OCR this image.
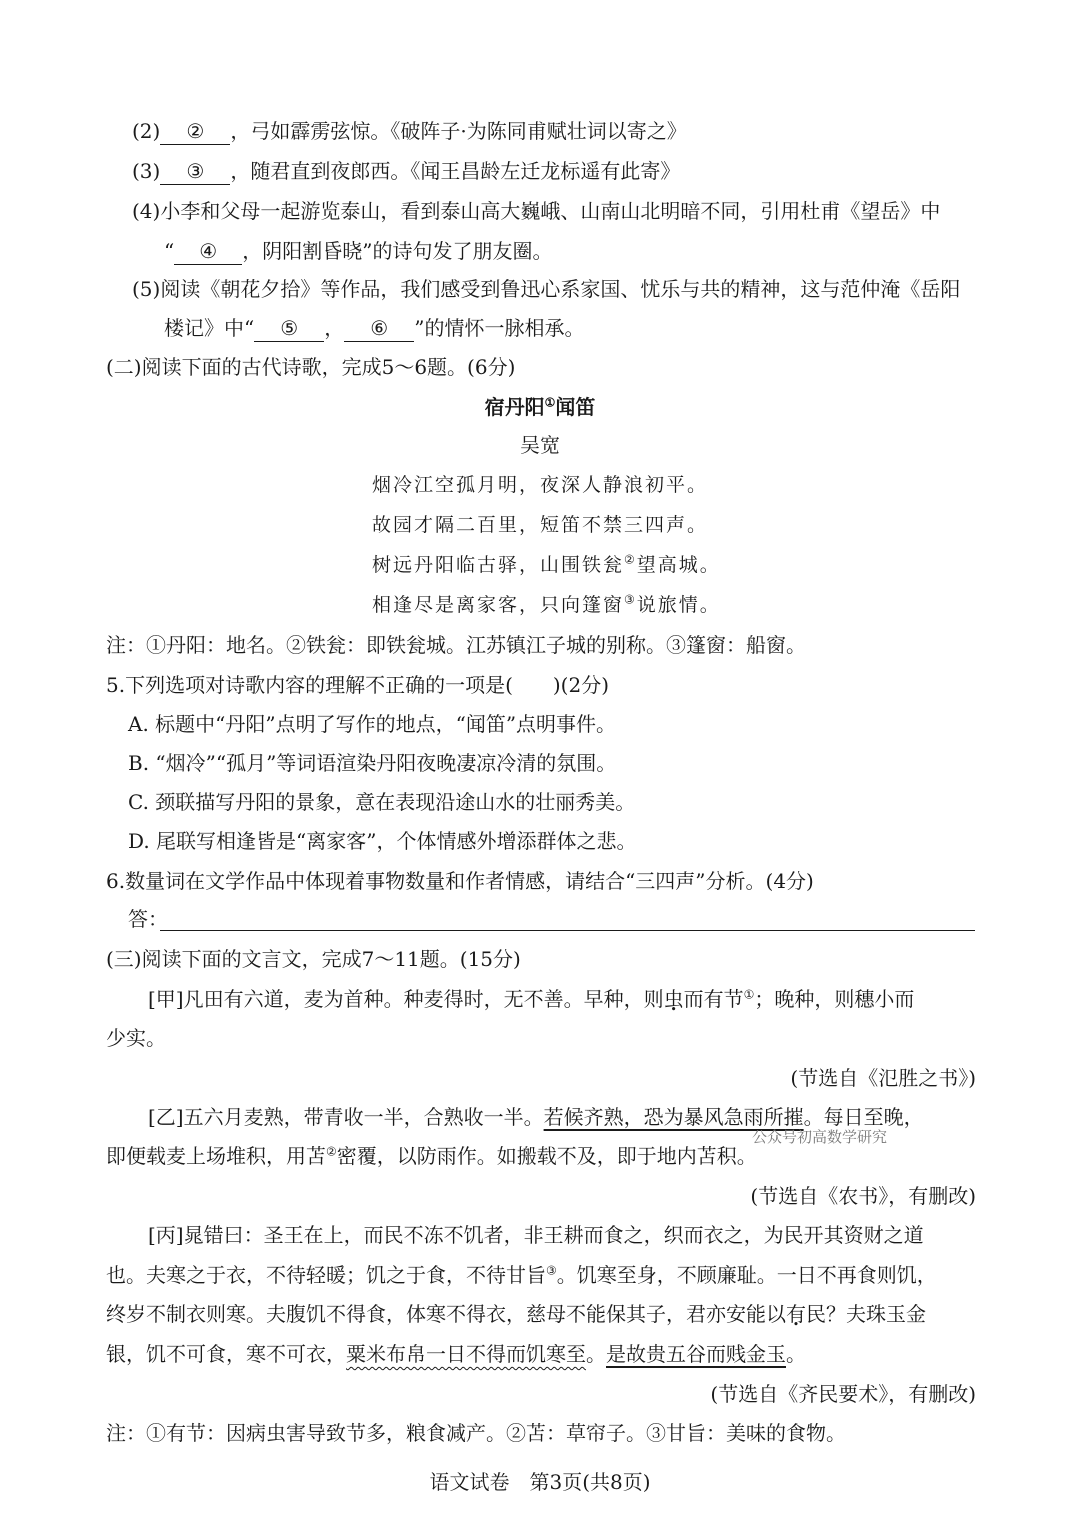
(2) ② ，弓如霹雳弦惊。《破阵子·为陈同甫赋壮词以寄之》
(3) ③ ，随君直到夜郎西。《闻王昌龄左迁龙标遥有此寄》
(4)小李和父母一起游览泰山，看到泰山高大巍峨、山南山北明暗不同，引用杜甫《望岳》中
“ ④ ，阴阳割昏晓”的诗句发了朋友圈。
(5)阅读《朝花夕拾》等作品，我们感受到鲁迅心系家国、忧乐与共的精神，这与范仲淹《岳阳
楼记》中“ ⑤ ， ⑥ ”的情怀一脉相承。
(二)阅读下面的古代诗歌，完成5～6题。(6分)
宿丹阳①闻笛
吴宽
烟冷江空孤月明，夜深人静浪初平。
故园才隔二百里，短笛不禁三四声。
树远丹阳临古驿，山围铁瓮②望高城。
相逢尽是离家客，只向篷窗③说旅情。
注：①丹阳：地名。②铁瓮：即铁瓮城。江苏镇江子城的别称。③篷窗：船窗。
5.下列选项对诗歌内容的理解不正确的一项是(　　)(2分)
A. 标题中“丹阳”点明了写作的地点，“闻笛”点明事件。
B. “烟冷”“孤月”等词语渲染丹阳夜晚凄凉冷清的氛围。
C. 颈联描写丹阳的景象，意在表现沿途山水的壮丽秀美。
D. 尾联写相逢皆是“离家客”，个体情感外增添群体之悲。
6.数量词在文学作品中体现着事物数量和作者情感，请结合“三四声”分析。(4分)
答：
(三)阅读下面的文言文，完成7～11题。(15分)
[甲]凡田有六道，麦为首种。种麦得时，无不善。早种，则虫而有节①；晚种，则穗小而
少实。
(节选自《氾胜之书》)
[乙]五六月麦熟，带青收一半，合熟收一半。若候齐熟，恐为暴风急雨所摧。每日至晚，
即便载麦上场堆积，用苫②密覆，以防雨作。如搬载不及，即于地内苫积。
公众号初高数学研究
(节选自《农书》，有删改)
[丙]晁错曰：圣王在上，而民不冻不饥者，非王耕而食之，织而衣之，为民开其资财之道
也。夫寒之于衣，不待轻暖；饥之于食，不待甘旨③。饥寒至身，不顾廉耻。一日不再食则饥，
终岁不制衣则寒。夫腹饥不得食，体寒不得衣，慈母不能保其子，君亦安能以有民？夫珠玉金
银，饥不可食，寒不可衣，粟米布帛一日不得而饥寒至。是故贵五谷而贱金玉。
(节选自《齐民要术》，有删改)
注：①有节：因病虫害导致节多，粮食减产。②苫：草帘子。③甘旨：美味的食物。
语文试卷　第3页(共8页)
